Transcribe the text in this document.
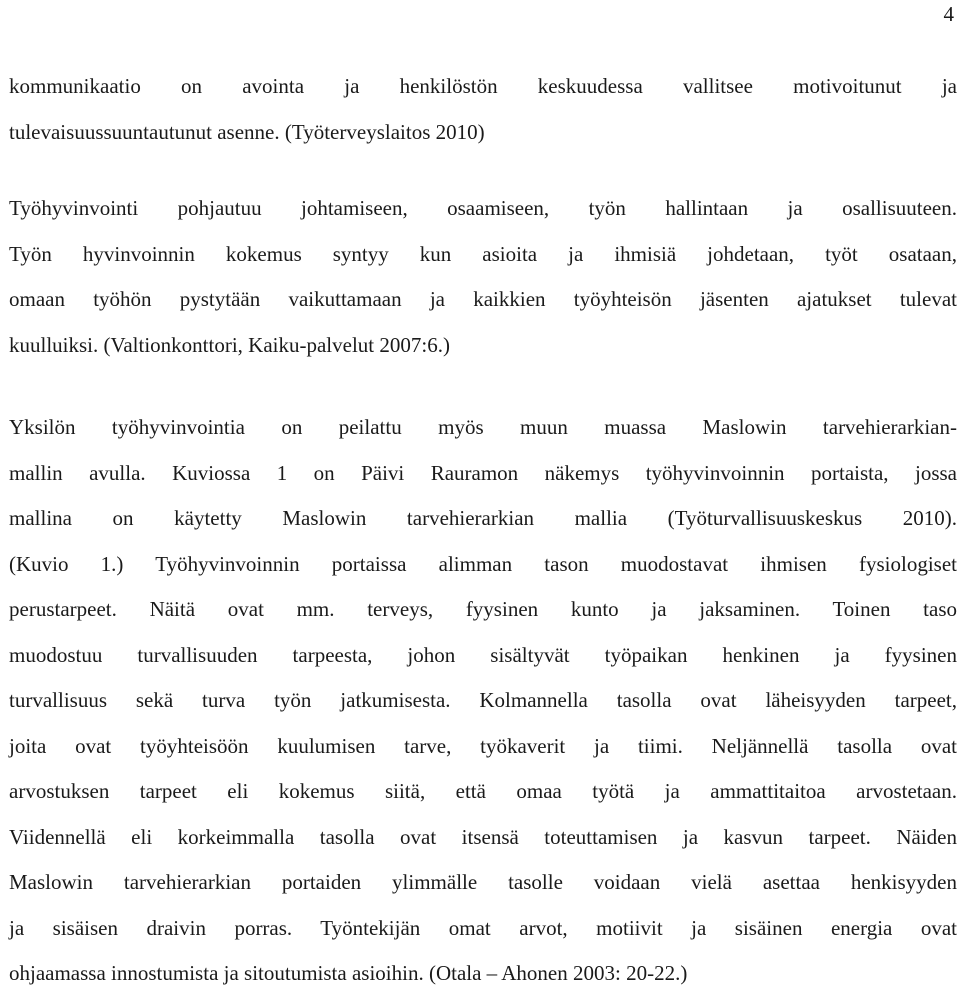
4
kommunikaatio on avointa ja henkilöstön keskuudessa vallitsee motivoitunut ja
tulevaisuussuuntautunut asenne. (Työterveyslaitos 2010)
Työhyvinvointi pohjautuu johtamiseen, osaamiseen, työn hallintaan ja osallisuuteen.
Työn hyvinvoinnin kokemus syntyy kun asioita ja ihmisiä johdetaan, työt osataan,
omaan työhön pystytään vaikuttamaan ja kaikkien työyhteisön jäsenten ajatukset tulevat
kuulluiksi. (Valtionkonttori, Kaiku-palvelut 2007:6.)
Yksilön työhyvinvointia on peilattu myös muun muassa Maslowin tarvehierarkian-
mallin avulla. Kuviossa 1 on Päivi Rauramon näkemys työhyvinvoinnin portaista, jossa
mallina on käytetty Maslowin tarvehierarkian mallia (Työturvallisuuskeskus 2010).
(Kuvio 1.) Työhyvinvoinnin portaissa alimman tason muodostavat ihmisen fysiologiset
perustarpeet. Näitä ovat mm. terveys, fyysinen kunto ja jaksaminen. Toinen taso
muodostuu turvallisuuden tarpeesta, johon sisältyvät työpaikan henkinen ja fyysinen
turvallisuus sekä turva työn jatkumisesta. Kolmannella tasolla ovat läheisyyden tarpeet,
joita ovat työyhteisöön kuulumisen tarve, työkaverit ja tiimi. Neljännellä tasolla ovat
arvostuksen tarpeet eli kokemus siitä, että omaa työtä ja ammattitaitoa arvostetaan.
Viidennellä eli korkeimmalla tasolla ovat itsensä toteuttamisen ja kasvun tarpeet. Näiden
Maslowin tarvehierarkian portaiden ylimmälle tasolle voidaan vielä asettaa henkisyyden
ja sisäisen draivin porras. Työntekijän omat arvot, motiivit ja sisäinen energia ovat
ohjaamassa innostumista ja sitoutumista asioihin. (Otala – Ahonen 2003: 20-22.)
